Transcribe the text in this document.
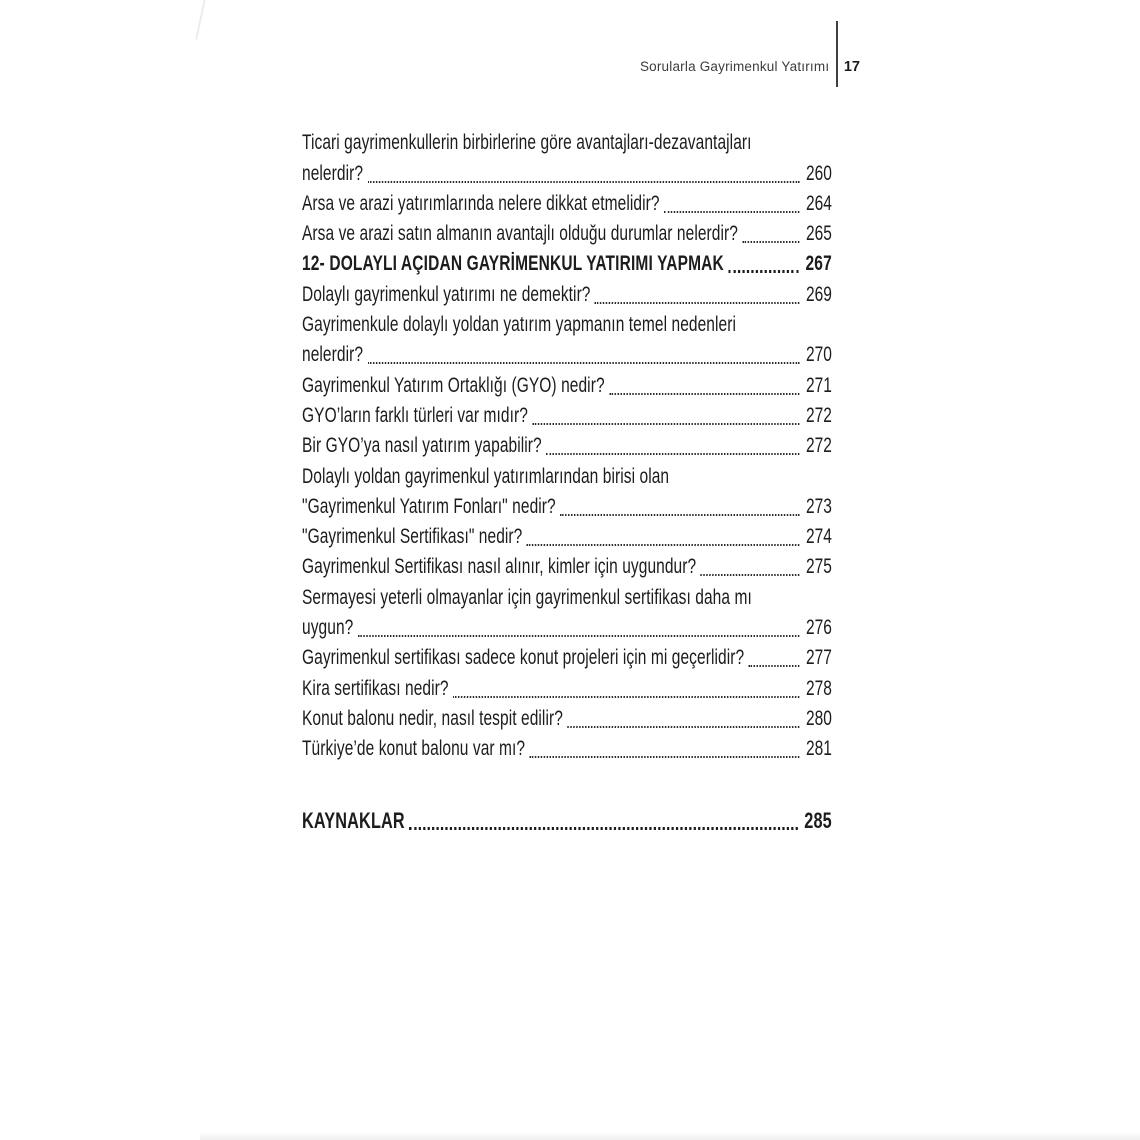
Sorularla Gayrimenkul Yatırımı 17
Ticari gayrimenkullerin birbirlerine göre avantajları-dezavantajları
nelerdir?	260
Arsa ve arazi yatırımlarında nelere dikkat etmelidir?	264
Arsa ve arazi satın almanın avantajlı olduğu durumlar nelerdir?	265
12- DOLAYLI AÇIDAN GAYRİMENKUL YATIRIMI YAPMAK	267
Dolaylı gayrimenkul yatırımı ne demektir?	269
Gayrimenkule dolaylı yoldan yatırım yapmanın temel nedenleri
nelerdir?	270
Gayrimenkul Yatırım Ortaklığı (GYO) nedir?	271
GYO’ların farklı türleri var mıdır?	272
Bir GYO’ya nasıl yatırım yapabilir?	272
Dolaylı yoldan gayrimenkul yatırımlarından birisi olan
"Gayrimenkul Yatırım Fonları" nedir?	273
"Gayrimenkul Sertifikası" nedir?	274
Gayrimenkul Sertifikası nasıl alınır, kimler için uygundur?	275
Sermayesi yeterli olmayanlar için gayrimenkul sertifikası daha mı
uygun?	276
Gayrimenkul sertifikası sadece konut projeleri için mi geçerlidir?	277
Kira sertifikası nedir?	278
Konut balonu nedir, nasıl tespit edilir?	280
Türkiye’de konut balonu var mı?	281
KAYNAKLAR	285
